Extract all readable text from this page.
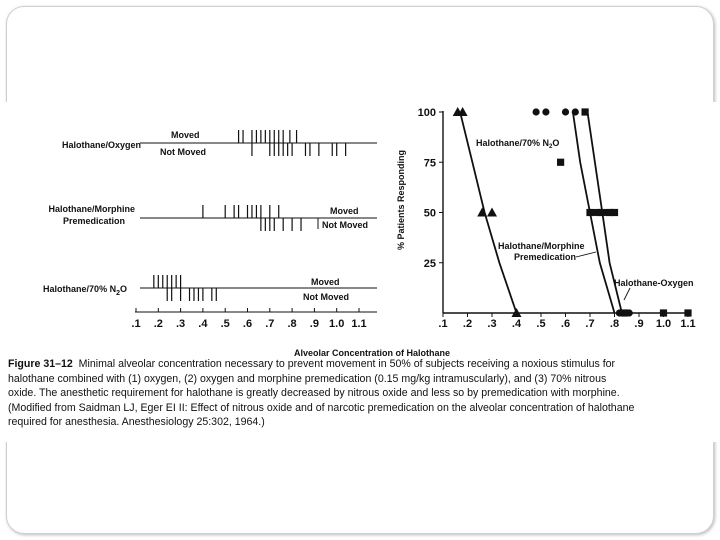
Halothane/Oxygen
Halothane/Morphine
Premedication
Halothane/70% $N_2O$
Moved
Not Moved
Moved
Not Moved
Moved
Not Moved
.1 .2 .3 .4 .5 .6 .7 .8 .9 1.0 1.1
% Patients Responding
100
75
50
25
.1 .2 .3 .4 .5 .6 .7 .8 .9 1.0 1.1
Halothane/70% $N_2O$
Halothane/Morphine
Premedication
Halothane-Oxygen
Alveolar Concentration of Halothane
Figure 31–12 Minimal alveolar concentration necessary to prevent movement in 50% of subjects receiving a noxious stimulus for
halothane combined with (1) oxygen, (2) oxygen and morphine premedication (0.15 mg/kg intramuscularly), and (3) 70% nitrous
oxide. The anesthetic requirement for halothane is greatly decreased by nitrous oxide and less so by premedication with morphine.
(Modified from Saidman LJ, Eger EI II: Effect of nitrous oxide and of narcotic premedication on the alveolar concentration of halothane
required for anesthesia. Anesthesiology 25:302, 1964.)
